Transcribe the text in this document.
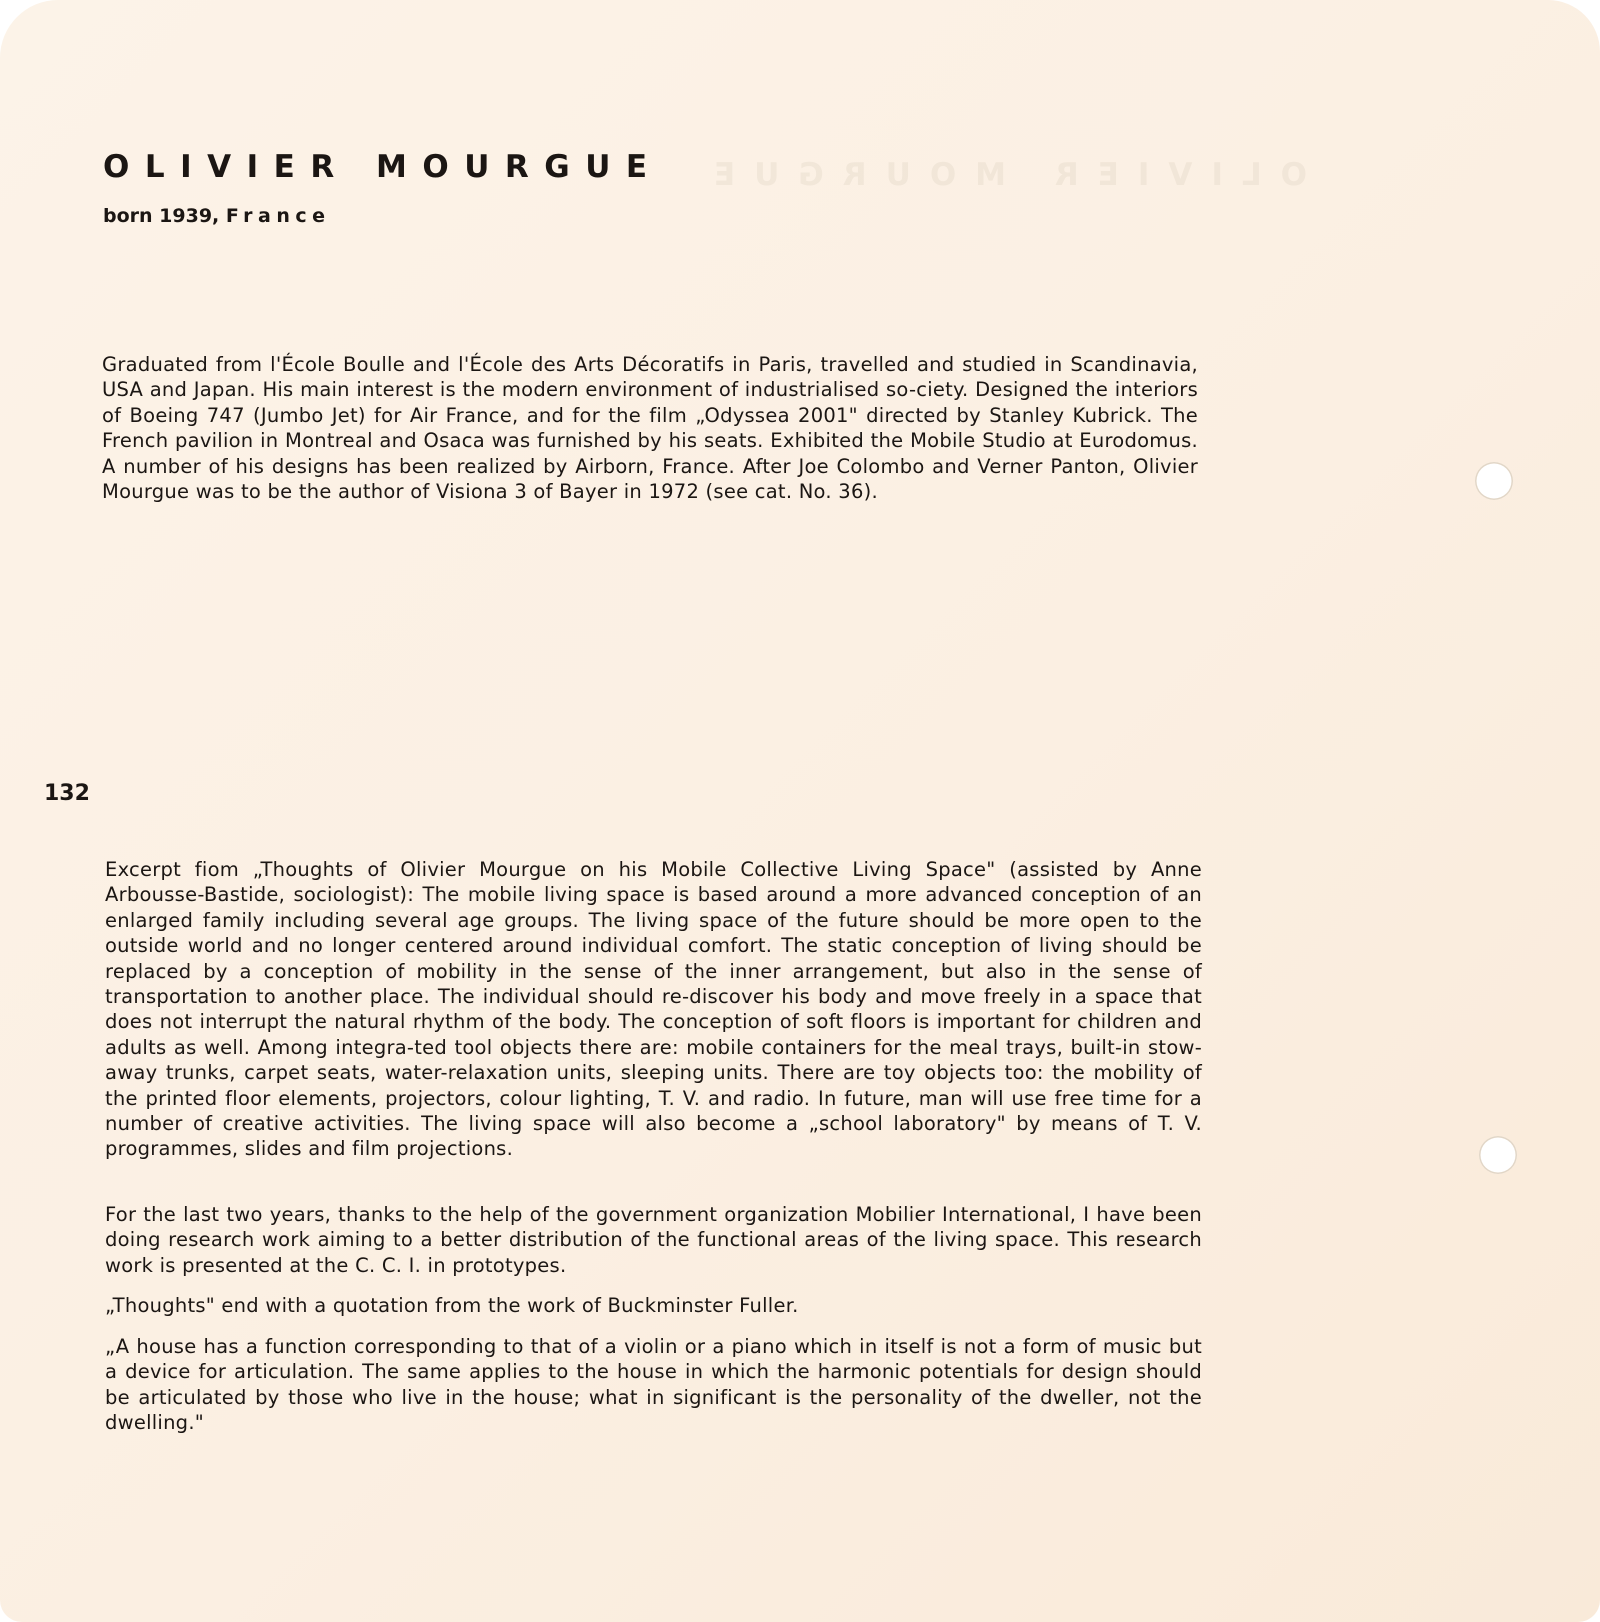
OLIVIER MOURGUE
OLIVIER MOURGUE

born 1939, France

Graduated from l'École Boulle and l'École des Arts Décoratifs in Paris, travelled and studied in Scandinavia, USA and Japan. His main interest is the modern environment of industrialised so-ciety. Designed the interiors of Boeing 747 (Jumbo Jet) for Air France, and for the film „Odyssea 2001" directed by Stanley Kubrick. The French pavilion in Montreal and Osaca was furnished by his seats. Exhibited the Mobile Studio at Eurodomus. A number of his designs has been realized by Airborn, France. After Joe Colombo and Verner Panton, Olivier Mourgue was to be the author of Visiona 3 of Bayer in 1972 (see cat. No. 36).

132

Excerpt fiom „Thoughts of Olivier Mourgue on his Mobile Collective Living Space" (assisted by Anne Arbousse-Bastide, sociologist): The mobile living space is based around a more advanced conception of an enlarged family including several age groups. The living space of the future should be more open to the outside world and no longer centered around individual comfort. The static conception of living should be replaced by a conception of mobility in the sense of the inner arrangement, but also in the sense of transportation to another place. The individual should re-discover his body and move freely in a space that does not interrupt the natural rhythm of the body. The conception of soft floors is important for children and adults as well. Among integra-ted tool objects there are: mobile containers for the meal trays, built-in stow-away trunks, carpet seats, water-relaxation units, sleeping units. There are toy objects too: the mobility of the printed floor elements, projectors, colour lighting, T. V. and radio. In future, man will use free time for a number of creative activities. The living space will also become a „school laboratory" by means of T. V. programmes, slides and film projections.

For the last two years, thanks to the help of the government organization Mobilier International, I have been doing research work aiming to a better distribution of the functional areas of the living space. This research work is presented at the C. C. I. in prototypes.

„Thoughts" end with a quotation from the work of Buckminster Fuller.

„A house has a function corresponding to that of a violin or a piano which in itself is not a form of music but a device for articulation. The same applies to the house in which the harmonic potentials for design should be articulated by those who live in the house; what in significant is the personality of the dweller, not the dwelling."
